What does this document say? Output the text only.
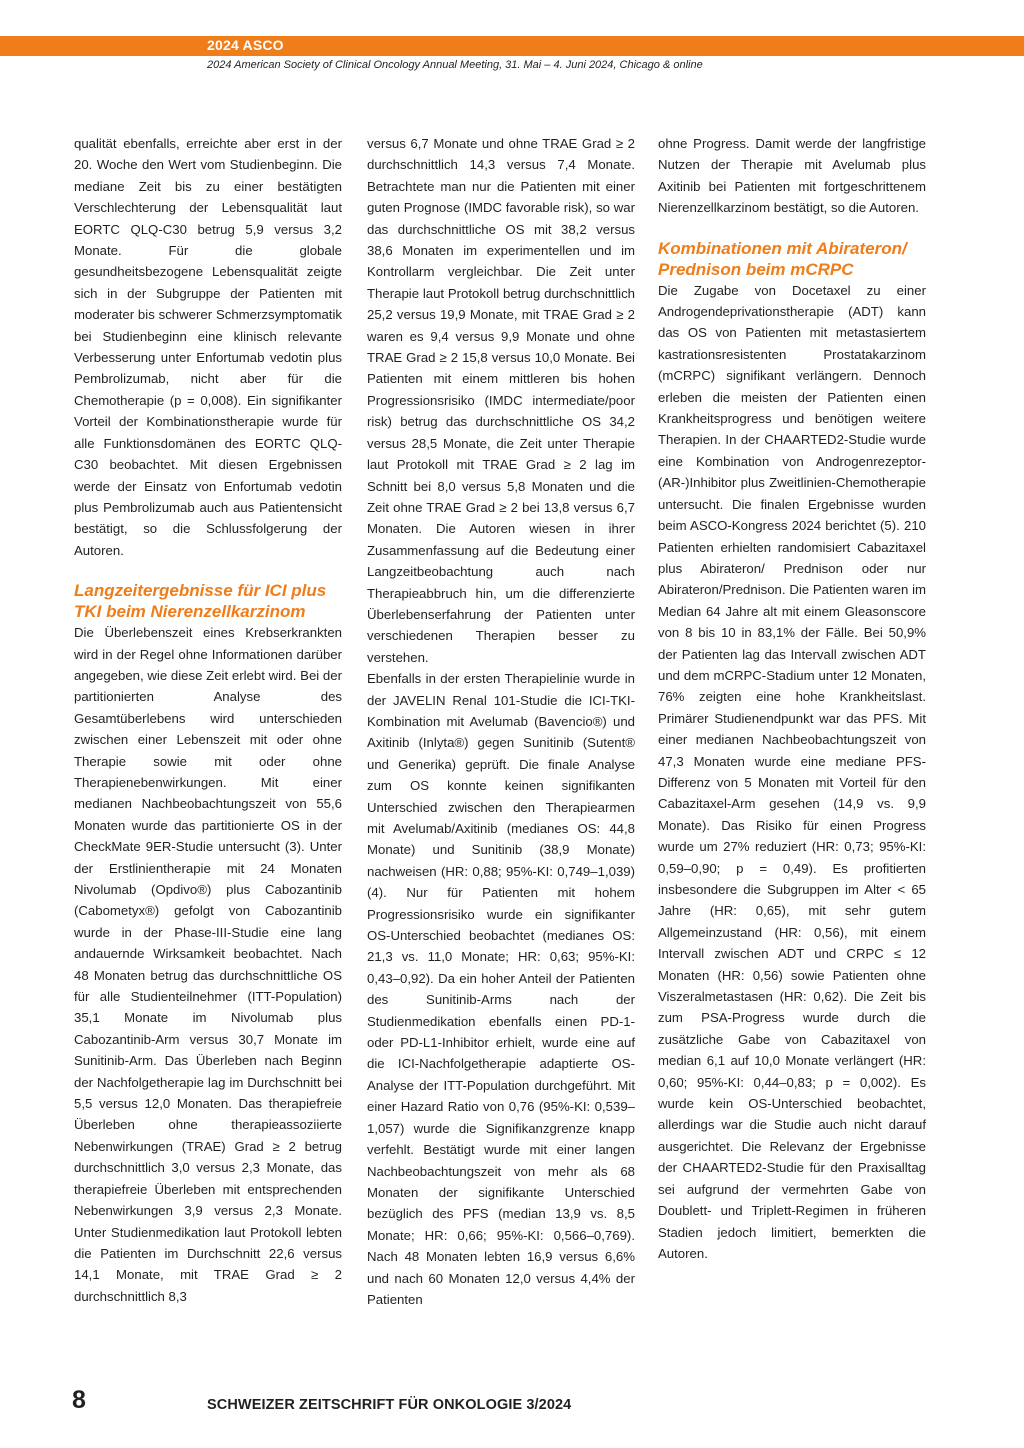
2024 ASCO
2024 American Society of Clinical Oncology Annual Meeting, 31. Mai – 4. Juni 2024, Chicago & online

qualität ebenfalls, erreichte aber erst in der 20. Woche den Wert vom Studienbeginn. Die mediane Zeit bis zu einer bestätigten Verschlechterung der Lebensqualität laut EORTC QLQ-C30 betrug 5,9 versus 3,2 Monate. Für die globale gesundheitsbezogene Lebensqualität zeigte sich in der Subgruppe der Patienten mit moderater bis schwerer Schmerzsymptomatik bei Studienbeginn eine klinisch relevante Verbesserung unter Enfortumab vedotin plus Pembrolizumab, nicht aber für die Chemotherapie (p = 0,008). Ein signifikanter Vorteil der Kombinationstherapie wurde für alle Funktionsdomänen des EORTC QLQ-C30 beobachtet. Mit diesen Ergebnissen werde der Einsatz von Enfortumab vedotin plus Pembrolizumab auch aus Patientensicht bestätigt, so die Schlussfolgerung der Autoren.

Langzeitergebnisse für ICI plus TKI beim Nierenzellkarzinom

Die Überlebenszeit eines Krebserkrankten wird in der Regel ohne Informationen darüber angegeben, wie diese Zeit erlebt wird. Bei der partitionierten Analyse des Gesamtüberlebens wird unterschieden zwischen einer Lebenszeit mit oder ohne Therapie sowie mit oder ohne Therapienebenwirkungen. Mit einer medianen Nachbeobachtungszeit von 55,6 Monaten wurde das partitionierte OS in der CheckMate 9ER-Studie untersucht (3). Unter der Erstlinientherapie mit 24 Monaten Nivolumab (Opdivo®) plus Cabozantinib (Cabometyx®) gefolgt von Cabozantinib wurde in der Phase-III-Studie eine lang andauernde Wirksamkeit beobachtet. Nach 48 Monaten betrug das durchschnittliche OS für alle Studienteilnehmer (ITT-Population) 35,1 Monate im Nivolumab plus Cabozantinib-Arm versus 30,7 Monate im Sunitinib-Arm. Das Überleben nach Beginn der Nachfolgetherapie lag im Durchschnitt bei 5,5 versus 12,0 Monaten. Das therapiefreie Überleben ohne therapieassoziierte Nebenwirkungen (TRAE) Grad ≥ 2 betrug durchschnittlich 3,0 versus 2,3 Monate, das therapiefreie Überleben mit entsprechenden Nebenwirkungen 3,9 versus 2,3 Monate. Unter Studienmedikation laut Protokoll lebten die Patienten im Durchschnitt 22,6 versus 14,1 Monate, mit TRAE Grad ≥ 2 durchschnittlich 8,3

versus 6,7 Monate und ohne TRAE Grad ≥ 2 durchschnittlich 14,3 versus 7,4 Monate. Betrachtete man nur die Patienten mit einer guten Prognose (IMDC favorable risk), so war das durchschnittliche OS mit 38,2 versus 38,6 Monaten im experimentellen und im Kontrollarm vergleichbar. Die Zeit unter Therapie laut Protokoll betrug durchschnittlich 25,2 versus 19,9 Monate, mit TRAE Grad ≥ 2 waren es 9,4 versus 9,9 Monate und ohne TRAE Grad ≥ 2 15,8 versus 10,0 Monate. Bei Patienten mit einem mittleren bis hohen Progressionsrisiko (IMDC intermediate/poor risk) betrug das durchschnittliche OS 34,2 versus 28,5 Monate, die Zeit unter Therapie laut Protokoll mit TRAE Grad ≥ 2 lag im Schnitt bei 8,0 versus 5,8 Monaten und die Zeit ohne TRAE Grad ≥ 2 bei 13,8 versus 6,7 Monaten. Die Autoren wiesen in ihrer Zusammenfassung auf die Bedeutung einer Langzeitbeobachtung auch nach Therapieabbruch hin, um die differenzierte Überlebenserfahrung der Patienten unter verschiedenen Therapien besser zu verstehen.

Ebenfalls in der ersten Therapielinie wurde in der JAVELIN Renal 101-Studie die ICI-TKI-Kombination mit Avelumab (Bavencio®) und Axitinib (Inlyta®) gegen Sunitinib (Sutent® und Generika) geprüft. Die finale Analyse zum OS konnte keinen signifikanten Unterschied zwischen den Therapiearmen mit Avelumab/Axitinib (medianes OS: 44,8 Monate) und Sunitinib (38,9 Monate) nachweisen (HR: 0,88; 95%-KI: 0,749–1,039) (4). Nur für Patienten mit hohem Progressionsrisiko wurde ein signifikanter OS-Unterschied beobachtet (medianes OS: 21,3 vs. 11,0 Monate; HR: 0,63; 95%-KI: 0,43–0,92). Da ein hoher Anteil der Patienten des Sunitinib-Arms nach der Studienmedikation ebenfalls einen PD-1- oder PD-L1-Inhibitor erhielt, wurde eine auf die ICI-Nachfolgetherapie adaptierte OS-Analyse der ITT-Population durchgeführt. Mit einer Hazard Ratio von 0,76 (95%-KI: 0,539–1,057) wurde die Signifikanzgrenze knapp verfehlt. Bestätigt wurde mit einer langen Nachbeobachtungszeit von mehr als 68 Monaten der signifikante Unterschied bezüglich des PFS (median 13,9 vs. 8,5 Monate; HR: 0,66; 95%-KI: 0,566–0,769). Nach 48 Monaten lebten 16,9 versus 6,6% und nach 60 Monaten 12,0 versus 4,4% der Patienten

ohne Progress. Damit werde der langfristige Nutzen der Therapie mit Avelumab plus Axitinib bei Patienten mit fortgeschrittenem Nierenzellkarzinom bestätigt, so die Autoren.

Kombinationen mit Abirateron/ Prednison beim mCRPC

Die Zugabe von Docetaxel zu einer Androgendeprivationstherapie (ADT) kann das OS von Patienten mit metastasiertem kastrationsresistenten Prostatakarzinom (mCRPC) signifikant verlängern. Dennoch erleben die meisten der Patienten einen Krankheitsprogress und benötigen weitere Therapien. In der CHAARTED2-Studie wurde eine Kombination von Androgenrezeptor- (AR-)Inhibitor plus Zweitlinien-Chemotherapie untersucht. Die finalen Ergebnisse wurden beim ASCO-Kongress 2024 berichtet (5). 210 Patienten erhielten randomisiert Cabazitaxel plus Abirateron/ Prednison oder nur Abirateron/Prednison. Die Patienten waren im Median 64 Jahre alt mit einem Gleasonscore von 8 bis 10 in 83,1% der Fälle. Bei 50,9% der Patienten lag das Intervall zwischen ADT und dem mCRPC-Stadium unter 12 Monaten, 76% zeigten eine hohe Krankheitslast. Primärer Studienendpunkt war das PFS. Mit einer medianen Nachbeobachtungszeit von 47,3 Monaten wurde eine mediane PFS-Differenz von 5 Monaten mit Vorteil für den Cabazitaxel-Arm gesehen (14,9 vs. 9,9 Monate). Das Risiko für einen Progress wurde um 27% reduziert (HR: 0,73; 95%-KI: 0,59–0,90; p = 0,49). Es profitierten insbesondere die Subgruppen im Alter < 65 Jahre (HR: 0,65), mit sehr gutem Allgemeinzustand (HR: 0,56), mit einem Intervall zwischen ADT und CRPC ≤ 12 Monaten (HR: 0,56) sowie Patienten ohne Viszeralmetastasen (HR: 0,62). Die Zeit bis zum PSA-Progress wurde durch die zusätzliche Gabe von Cabazitaxel von median 6,1 auf 10,0 Monate verlängert (HR: 0,60; 95%-KI: 0,44–0,83; p = 0,002). Es wurde kein OS-Unterschied beobachtet, allerdings war die Studie auch nicht darauf ausgerichtet. Die Relevanz der Ergebnisse der CHAARTED2-Studie für den Praxisalltag sei aufgrund der vermehrten Gabe von Doublett- und Triplett-Regimen in früheren Stadien jedoch limitiert, bemerkten die Autoren.

8	SCHWEIZER ZEITSCHRIFT FÜR ONKOLOGIE 3/2024
